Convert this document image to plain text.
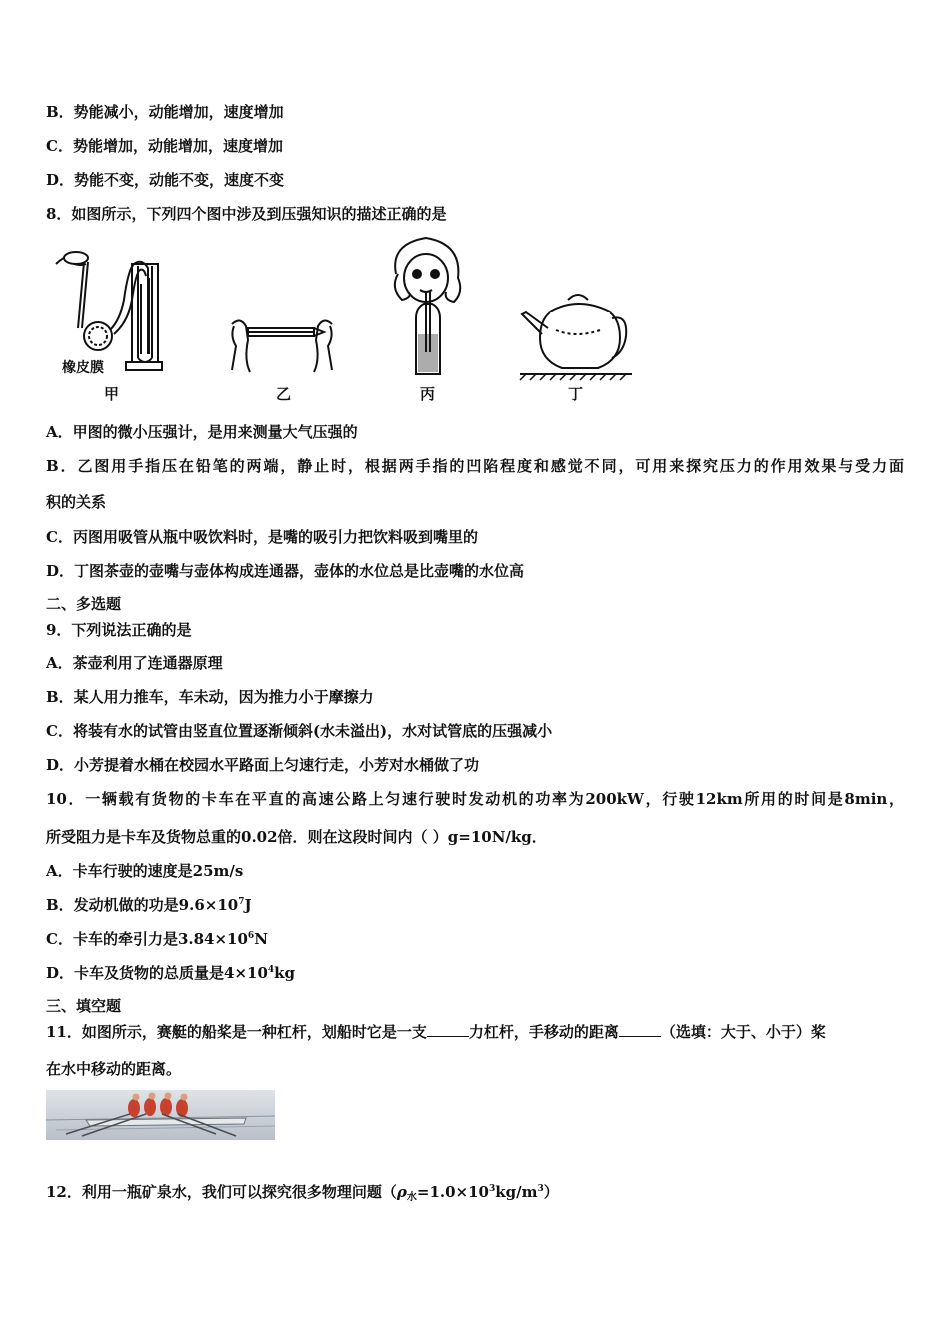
B．势能减小，动能增加，速度增加
C．势能增加，动能增加，速度增加
D．势能不变，动能不变，速度不变
8．如图所示，下列四个图中涉及到压强知识的描述正确的是
橡皮膜
甲	乙	丙	丁
A．甲图的微小压强计，是用来测量大气压强的
B．乙图用手指压在铅笔的两端，静止时，根据两手指的凹陷程度和感觉不同，可用来探究压力的作用效果与受力面
积的关系
C．丙图用吸管从瓶中吸饮料时，是嘴的吸引力把饮料吸到嘴里的
D．丁图茶壶的壶嘴与壶体构成连通器，壶体的水位总是比壶嘴的水位高
二、多选题
9．下列说法正确的是
A．茶壶利用了连通器原理
B．某人用力推车，车未动，因为推力小于摩擦力
C．将装有水的试管由竖直位置逐渐倾斜(水未溢出)，水对试管底的压强减小
D．小芳提着水桶在校园水平路面上匀速行走，小芳对水桶做了功
10．一辆载有货物的卡车在平直的高速公路上匀速行驶时发动机的功率为200kW，行驶12km所用的时间是8min，
所受阻力是卡车及货物总重的0.02倍．则在这段时间内（ ）g=10N/kg．
A．卡车行驶的速度是25m/s
B．发动机做的功是$9.6\times 10^7J$
C．卡车的牵引力是$3.84\times 10^6N$
D．卡车及货物的总质量是$4\times 10^4kg$
三、填空题
11．如图所示，赛艇的船桨是一种杠杆，划船时它是一支	力杠杆，手移动的距离	（选填：大于、小于）桨
在水中移动的距离。
12．利用一瓶矿泉水，我们可以探究很多物理问题$(\rho_水=1.0\times 10^3kg/m^3)$
